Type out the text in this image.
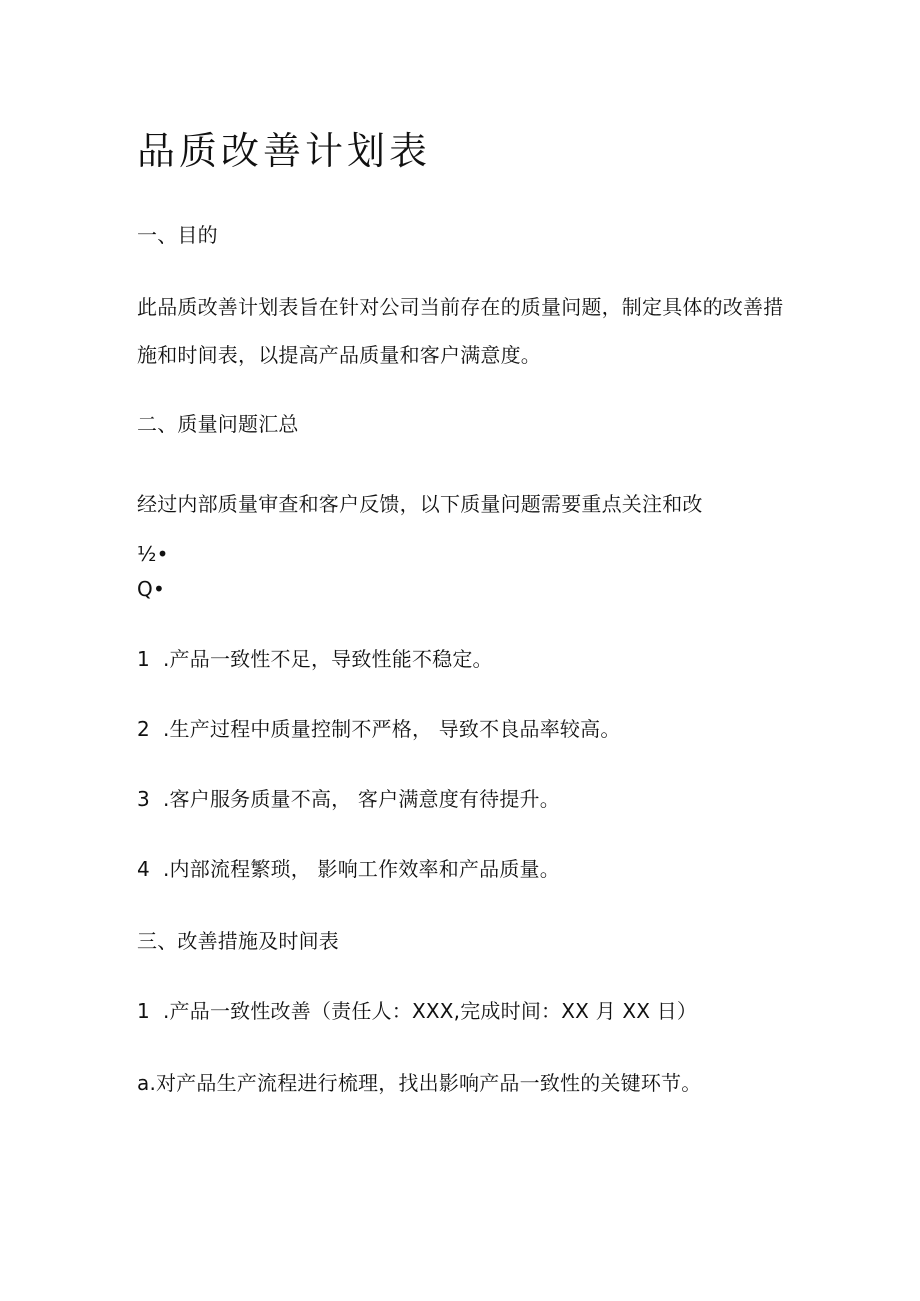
品质改善计划表
一、目的
此品质改善计划表旨在针对公司当前存在的质量问题，制定具体的改善措
施和时间表，以提高产品质量和客户满意度。
二、质量问题汇总
经过内部质量审查和客户反馈，以下质量问题需要重点关注和改
½•
Q•
1 .产品一致性不足，导致性能不稳定。
2 .生产过程中质量控制不严格， 导致不良品率较高。
3 .客户服务质量不高， 客户满意度有待提升。
4 .内部流程繁琐， 影响工作效率和产品质量。
三、改善措施及时间表
1 .产品一致性改善（责任人：XXX,完成时间：XX 月 XX 日）
a.对产品生产流程进行梳理，找出影响产品一致性的关键环节。
